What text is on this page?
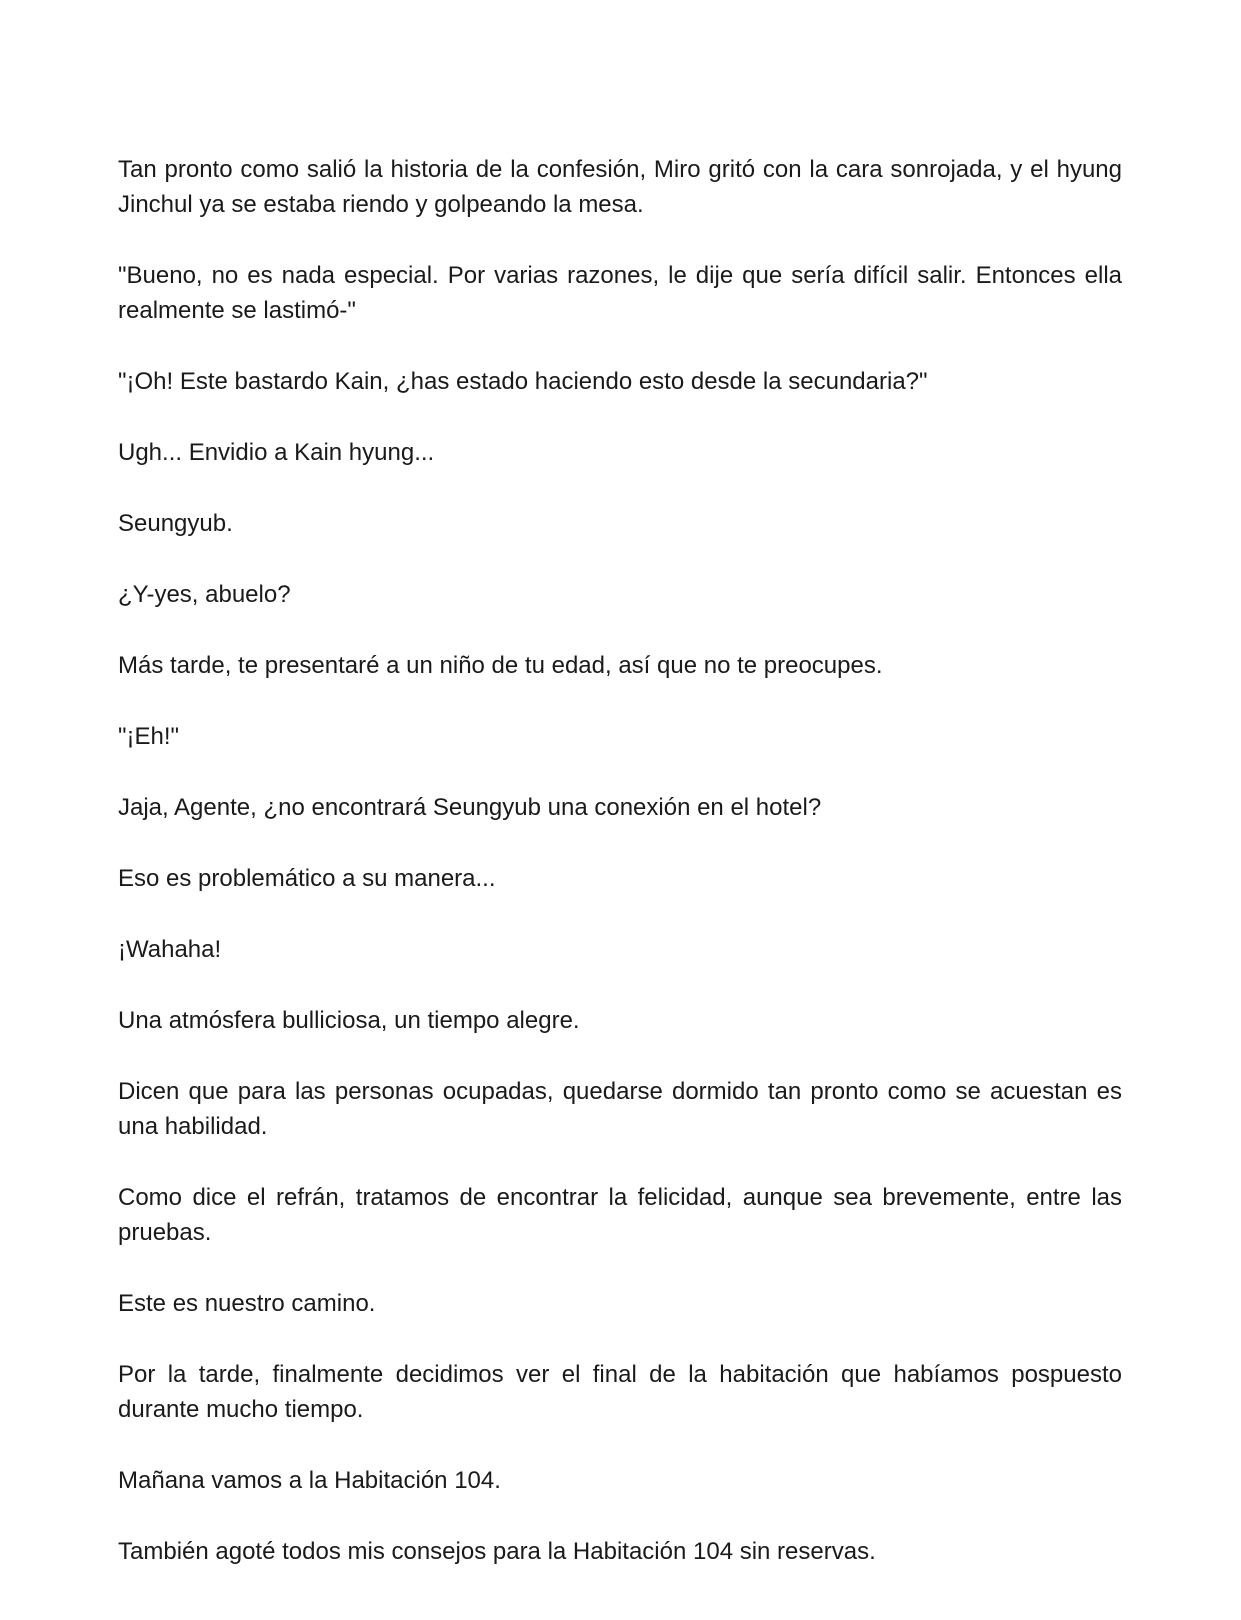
Tan pronto como salió la historia de la confesión, Miro gritó con la cara sonrojada, y el hyung Jinchul ya se estaba riendo y golpeando la mesa.

"Bueno, no es nada especial. Por varias razones, le dije que sería difícil salir. Entonces ella realmente se lastimó-"

"¡Oh! Este bastardo Kain, ¿has estado haciendo esto desde la secundaria?"

Ugh... Envidio a Kain hyung...

Seungyub.

¿Y-yes, abuelo?

Más tarde, te presentaré a un niño de tu edad, así que no te preocupes.

"¡Eh!"

Jaja, Agente, ¿no encontrará Seungyub una conexión en el hotel?

Eso es problemático a su manera...

¡Wahaha!

Una atmósfera bulliciosa, un tiempo alegre.

Dicen que para las personas ocupadas, quedarse dormido tan pronto como se acuestan es una habilidad.

Como dice el refrán, tratamos de encontrar la felicidad, aunque sea brevemente, entre las pruebas.

Este es nuestro camino.

Por la tarde, finalmente decidimos ver el final de la habitación que habíamos pospuesto durante mucho tiempo.

Mañana vamos a la Habitación 104.

También agoté todos mis consejos para la Habitación 104 sin reservas.
